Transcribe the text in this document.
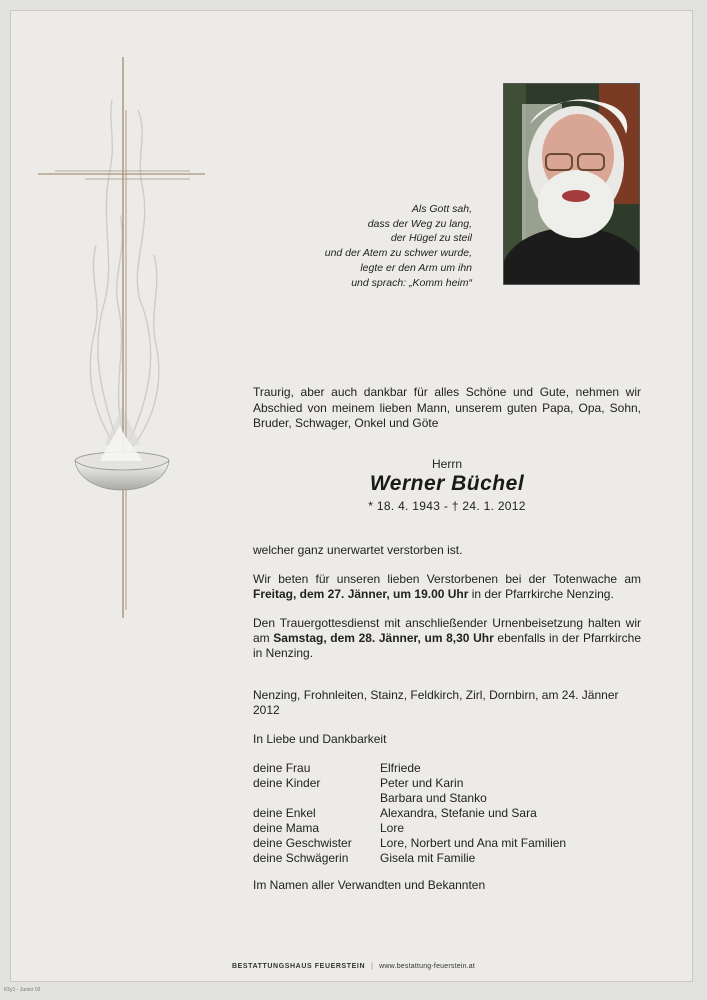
Als Gott sah,
dass der Weg zu lang,
der Hügel zu steil
und der Atem zu schwer wurde,
legte er den Arm um ihn
und sprach: „Komm heim“
Traurig, aber auch dankbar für alles Schöne und Gute, nehmen wir Abschied von meinem lieben Mann, unserem guten Papa, Opa, Sohn, Bruder, Schwager, Onkel und Göte
Herrn
Werner Büchel
* 18. 4. 1943 - † 24. 1. 2012
welcher ganz unerwartet verstorben ist.
Wir beten für unseren lieben Verstorbenen bei der Totenwache am Freitag, dem 27. Jänner, um 19.00 Uhr in der Pfarrkirche Nenzing.
Den Trauergottesdienst mit anschließender Urnenbeisetzung halten wir am Samstag, dem 28. Jänner, um 8,30 Uhr ebenfalls in der Pfarrkirche in Nenzing.
Nenzing, Frohnleiten, Stainz, Feldkirch, Zirl, Dornbirn, am 24. Jänner 2012
In Liebe und Dankbarkeit
deine Frau	Elfriede
deine Kinder	Peter und Karin
Barbara und Stanko
deine Enkel	Alexandra, Stefanie und Sara
deine Mama	Lore
deine Geschwister	Lore, Norbert und Ana mit Familien
deine Schwägerin	Gisela mit Familie
Im Namen aller Verwandten und Bekannten
BESTATTUNGSHAUS FEUERSTEIN | www.bestattung-feuerstein.at
K5y1 - Junior 03
